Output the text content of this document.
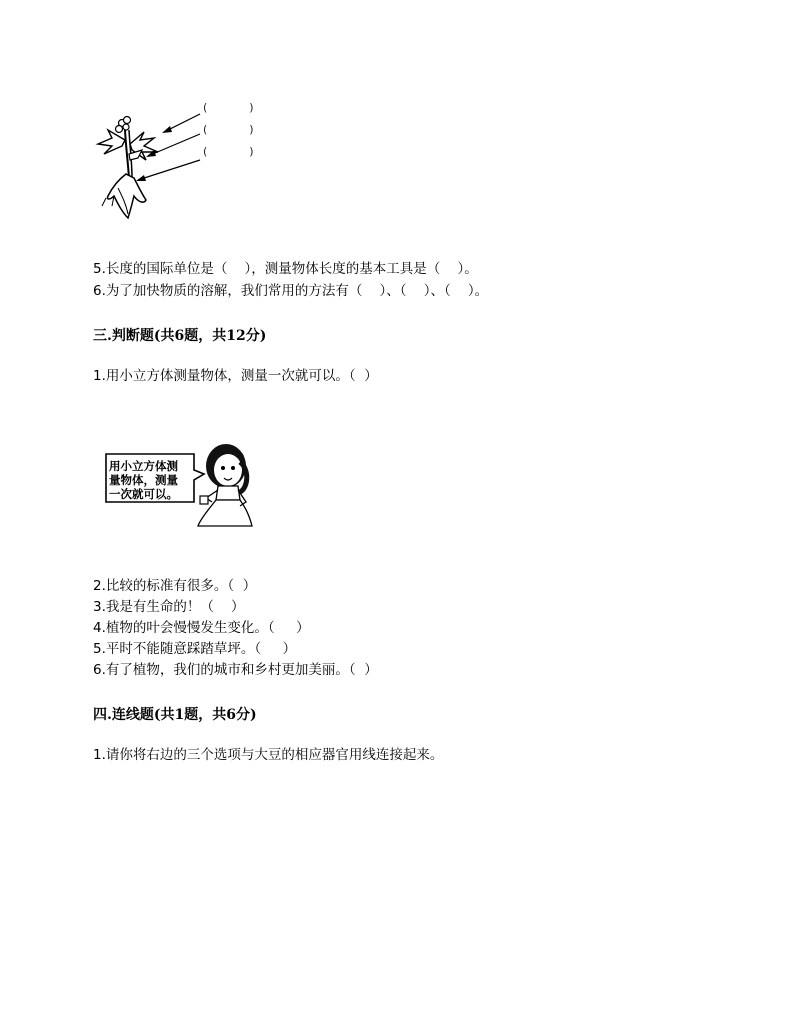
(            )
(            )
(            )
5.长度的国际单位是（    ），测量物体长度的基本工具是（    ）。
6.为了加快物质的溶解，我们常用的方法有（    ）、（    ）、（    ）。
三.判断题(共6题，共12分)
1.用小立方体测量物体，测量一次就可以。（  ）
用小立方体测
量物体，测量
一次就可以。
2.比较的标准有很多。（  ）
3.我是有生命的！（    ）
4.植物的叶会慢慢发生变化。（     ）
5.平时不能随意踩踏草坪。（     ）
6.有了植物，我们的城市和乡村更加美丽。（  ）
四.连线题(共1题，共6分)
1.请你将右边的三个选项与大豆的相应器官用线连接起来。
